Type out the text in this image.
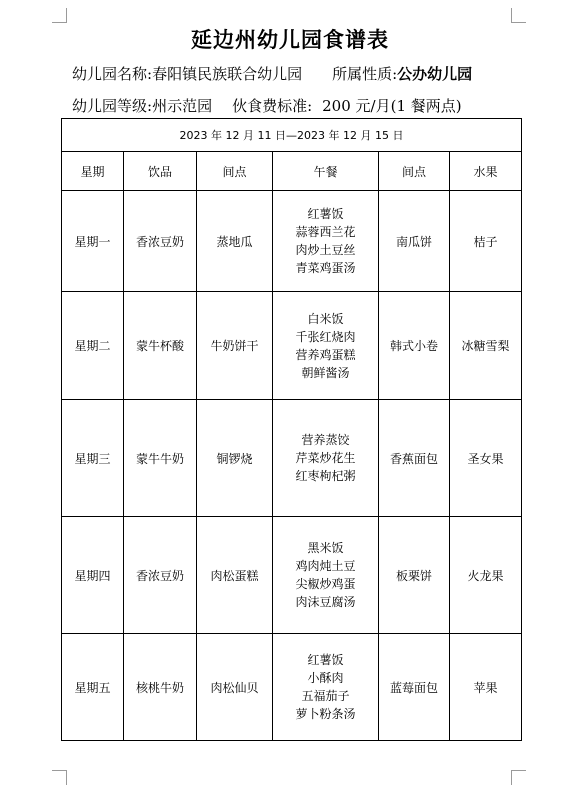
延边州幼儿园食谱表
幼儿园名称:春阳镇民族联合幼儿园 所属性质:公办幼儿园
幼儿园等级:州示范园 伙食费标准: 200 元/月(1 餐两点)
2023 年 12 月 11 日—2023 年 12 月 15 日					
星期	饮品	间点	午餐	间点	水果
星期一	香浓豆奶	蒸地瓜	红薯饭
蒜蓉西兰花
肉炒土豆丝
青菜鸡蛋汤	南瓜饼	桔子
星期二	蒙牛杯酸	牛奶饼干	白米饭
千张红烧肉
营养鸡蛋糕
朝鲜酱汤	韩式小卷	冰糖雪梨
星期三	蒙牛牛奶	铜锣烧	营养蒸饺
芹菜炒花生
红枣枸杞粥	香蕉面包	圣女果
星期四	香浓豆奶	肉松蛋糕	黑米饭
鸡肉炖土豆
尖椒炒鸡蛋
肉沫豆腐汤	板栗饼	火龙果
星期五	核桃牛奶	肉松仙贝	红薯饭
小酥肉
五福茄子
萝卜粉条汤	蓝莓面包	苹果
